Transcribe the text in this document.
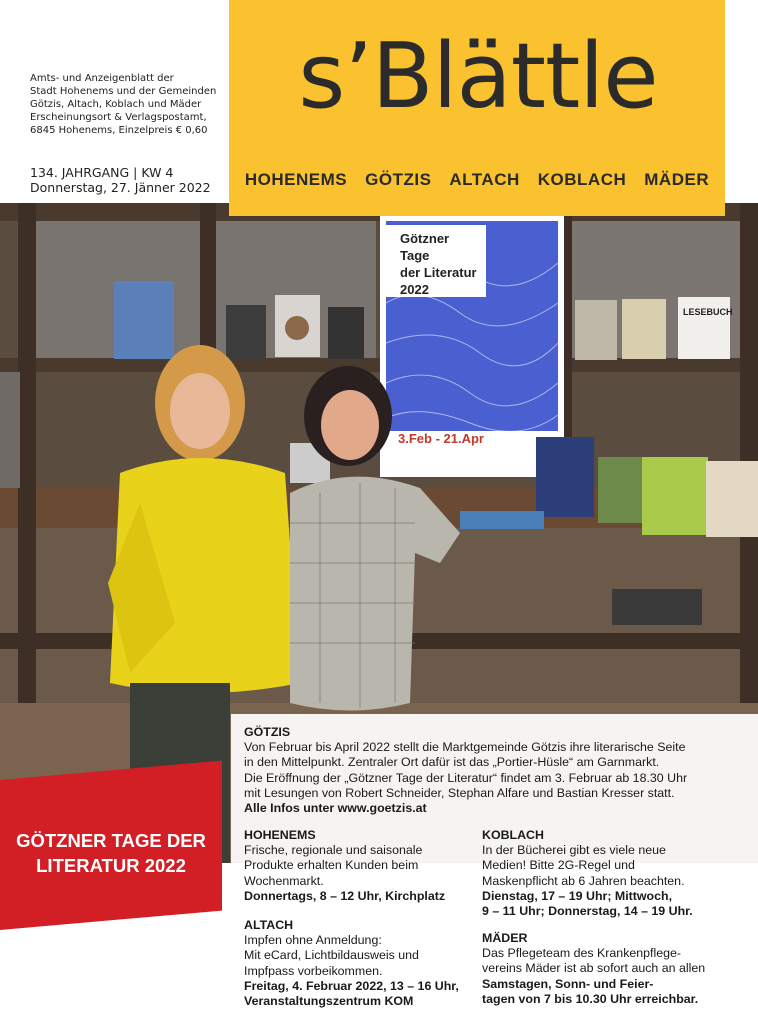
Amts- und Anzeigenblatt der
Stadt Hohenems und der Gemeinden
Götzis, Altach, Koblach und Mäder
Erscheinungsort & Verlagspostamt,
6845 Hohenems, Einzelpreis € 0,60
134. JAHRGANG | KW 4
Donnerstag, 27. Jänner 2022
LESEBUCH
Götzner
Tage
der Literatur
2022
3.Feb - 21.Apr
s’Blättle
HOHENEMS GÖTZIS ALTACH KOBLACH MÄDER
GÖTZIS
Von Februar bis April 2022 stellt die Marktgemeinde Götzis ihre literarische Seite
in den Mittelpunkt. Zentraler Ort dafür ist das „Portier-Hüsle“ am Garnmarkt.
Die Eröffnung der „Götzner Tage der Literatur“ findet am 3. Februar ab 18.30 Uhr
mit Lesungen von Robert Schneider, Stephan Alfare und Bastian Kresser statt.
Alle Infos unter www.goetzis.at
HOHENEMS
Frische, regionale und saisonale
Produkte erhalten Kunden beim
Wochenmarkt.
Donnertags, 8 – 12 Uhr, Kirchplatz
ALTACH
Impfen ohne Anmeldung:
Mit eCard, Lichtbildausweis und
Impfpass vorbeikommen.
Freitag, 4. Februar 2022, 13 – 16 Uhr,
Veranstaltungszentrum KOM
KOBLACH
In der Bücherei gibt es viele neue
Medien! Bitte 2G-Regel und
Maskenpflicht ab 6 Jahren beachten.
Dienstag, 17 – 19 Uhr; Mittwoch,
9 – 11 Uhr; Donnerstag, 14 – 19 Uhr.
MÄDER
Das Pflegeteam des Krankenpflege-
vereins Mäder ist ab sofort auch an allen
Samstagen, Sonn- und Feier-
tagen von 7 bis 10.30 Uhr erreichbar.
GÖTZNER TAGE DER
LITERATUR 2022
